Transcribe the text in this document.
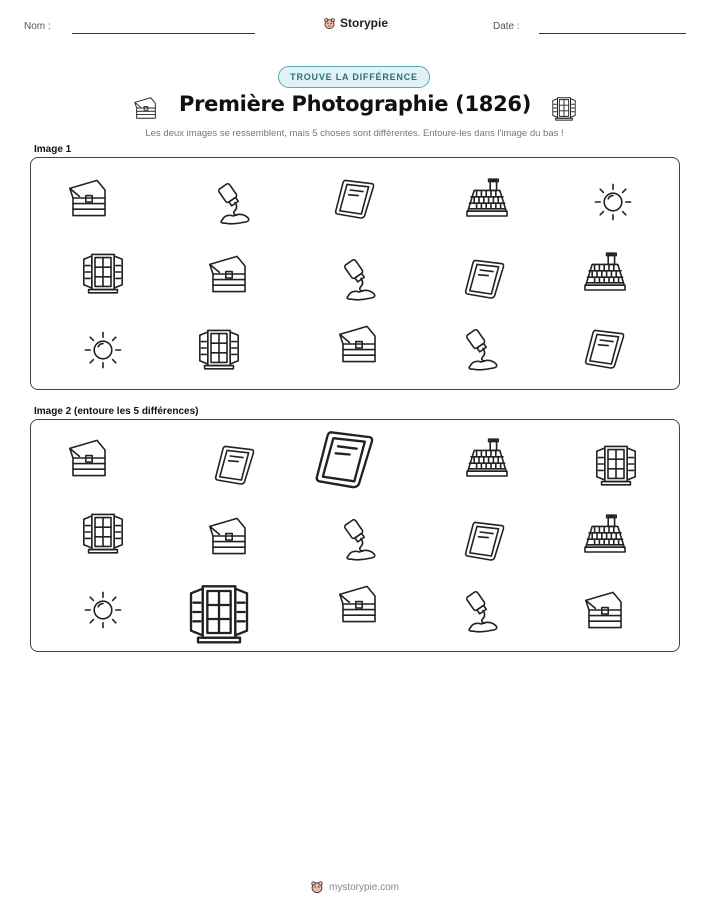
Nom :	Storypie	Date :
TROUVE LA DIFFÉRENCE
Première Photographie (1826)
Les deux images se ressemblent, mais 5 choses sont différentes. Entoure-les dans l'image du bas !
Image 1
Image 2 (entoure les 5 différences)
mystorypie.com
